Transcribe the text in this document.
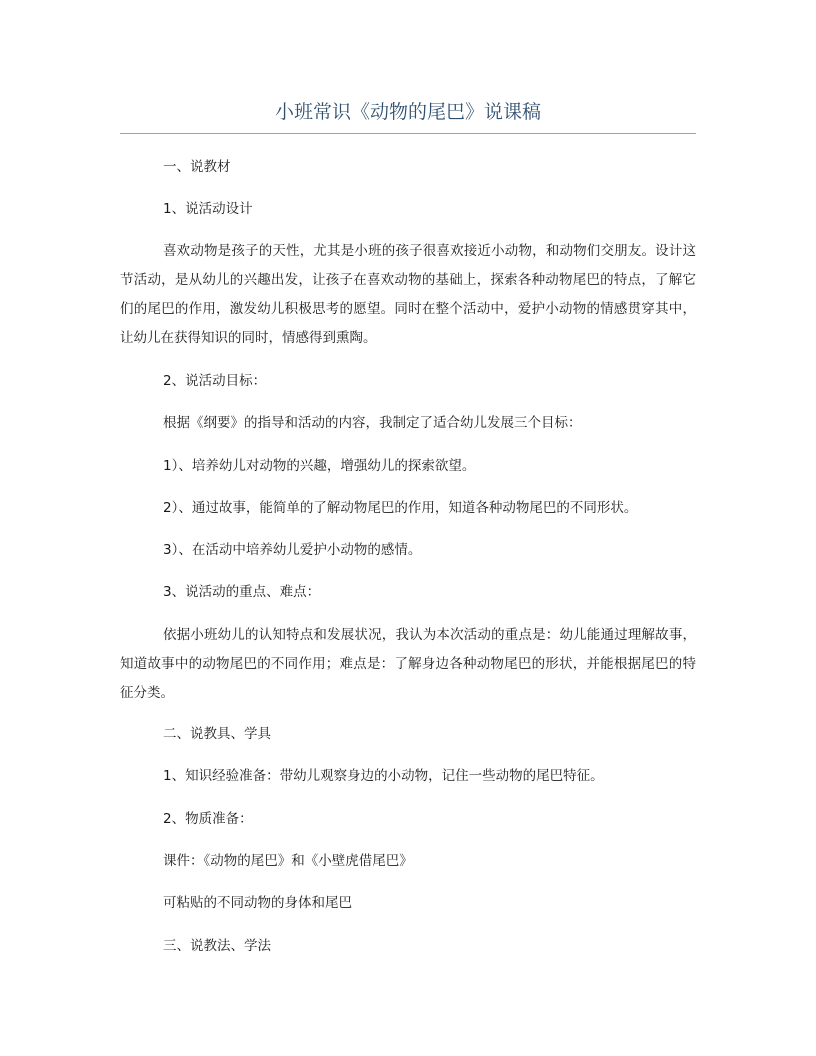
小班常识《动物的尾巴》说课稿

一、说教材

1、说活动设计

喜欢动物是孩子的天性，尤其是小班的孩子很喜欢接近小动物，和动物们交朋友。设计这节活动，是从幼儿的兴趣出发，让孩子在喜欢动物的基础上，探索各种动物尾巴的特点，了解它们的尾巴的作用，激发幼儿积极思考的愿望。同时在整个活动中，爱护小动物的情感贯穿其中，让幼儿在获得知识的同时，情感得到熏陶。

2、说活动目标：

根据《纲要》的指导和活动的内容，我制定了适合幼儿发展三个目标：

1）、培养幼儿对动物的兴趣，增强幼儿的探索欲望。

2）、通过故事，能简单的了解动物尾巴的作用，知道各种动物尾巴的不同形状。

3）、在活动中培养幼儿爱护小动物的感情。

3、说活动的重点、难点：

依据小班幼儿的认知特点和发展状况，我认为本次活动的重点是：幼儿能通过理解故事，知道故事中的动物尾巴的不同作用；难点是：了解身边各种动物尾巴的形状，并能根据尾巴的特征分类。

二、说教具、学具

1、知识经验准备：带幼儿观察身边的小动物，记住一些动物的尾巴特征。

2、物质准备：

课件：《动物的尾巴》和《小壁虎借尾巴》

可粘贴的不同动物的身体和尾巴

三、说教法、学法
